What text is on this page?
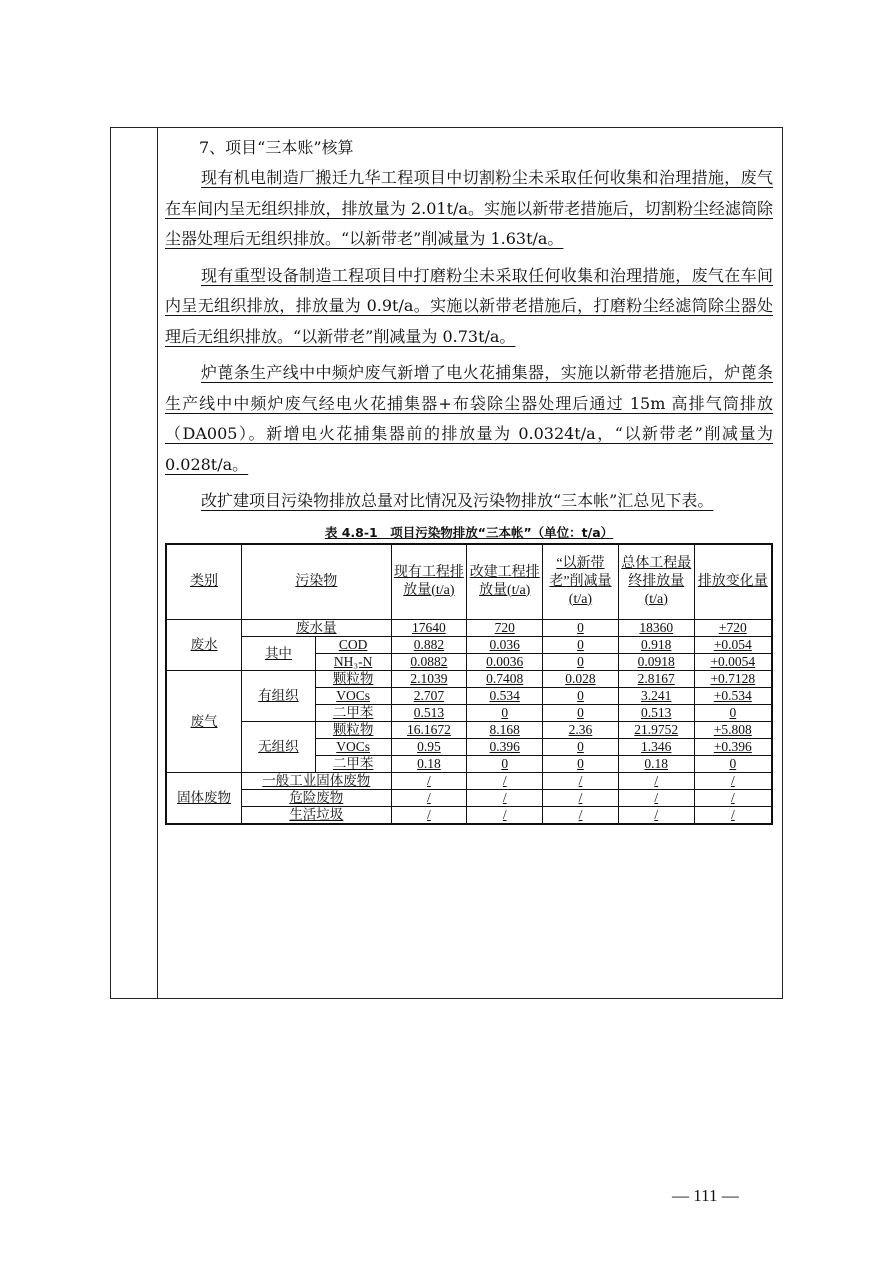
7、项目“三本账”核算

现有机电制造厂搬迁九华工程项目中切割粉尘未采取任何收集和治理措施，废气在车间内呈无组织排放，排放量为 2.01t/a。实施以新带老措施后，切割粉尘经滤筒除尘器处理后无组织排放。“以新带老”削减量为 1.63t/a。

现有重型设备制造工程项目中打磨粉尘未采取任何收集和治理措施，废气在车间内呈无组织排放，排放量为 0.9t/a。实施以新带老措施后，打磨粉尘经滤筒除尘器处理后无组织排放。“以新带老”削减量为 0.73t/a。

炉蓖条生产线中中频炉废气新增了电火花捕集器，实施以新带老措施后，炉蓖条生产线中中频炉废气经电火花捕集器+布袋除尘器处理后通过 15m 高排气筒排放（DA005）。新增电火花捕集器前的排放量为 0.0324t/a，“以新带老”削减量为 0.028t/a。

改扩建项目污染物排放总量对比情况及污染物排放“三本帐”汇总见下表。

表 4.8-1　项目污染物排放“三本帐”（单位：t/a）
类别	污染物		现有工程排放量(t/a)	改建工程排放量(t/a)	“以新带老”削减量(t/a)	总体工程最终排放量(t/a)	排放变化量
废水	废水量		17640	720	0	18360	+720
	其中	COD	0.882	0.036	0	0.918	+0.054
		NH₃-N	0.0882	0.0036	0	0.0918	+0.0054
废气	有组织	颗粒物	2.1039	0.7408	0.028	2.8167	+0.7128
		VOCs	2.707	0.534	0	3.241	+0.534
		二甲苯	0.513	0	0	0.513	0
	无组织	颗粒物	16.1672	8.168	2.36	21.9752	+5.808
		VOCs	0.95	0.396	0	1.346	+0.396
		二甲苯	0.18	0	0	0.18	0
固体废物	一般工业固体废物		/	/	/	/	/
	危险废物		/	/	/	/	/
	生活垃圾		/	/	/	/	/
— 111 —
